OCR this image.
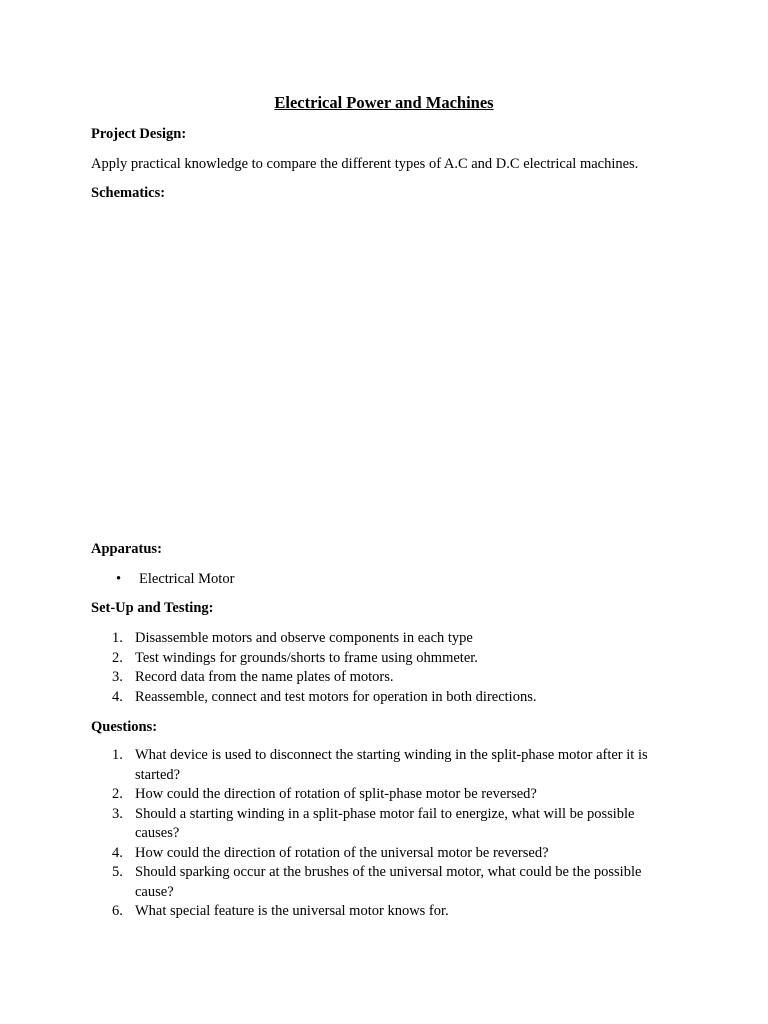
Electrical Power and Machines
Project Design:
Apply practical knowledge to compare the different types of A.C and D.C electrical machines.
Schematics:
Apparatus:
• Electrical Motor
Set-Up and Testing:
1. Disassemble motors and observe components in each type
2. Test windings for grounds/shorts to frame using ohmmeter.
3. Record data from the name plates of motors.
4. Reassemble, connect and test motors for operation in both directions.
Questions:
1. What device is used to disconnect the starting winding in the split-phase motor after it is started?
2. How could the direction of rotation of split-phase motor be reversed?
3. Should a starting winding in a split-phase motor fail to energize, what will be possible causes?
4. How could the direction of rotation of the universal motor be reversed?
5. Should sparking occur at the brushes of the universal motor, what could be the possible cause?
6. What special feature is the universal motor knows for.
